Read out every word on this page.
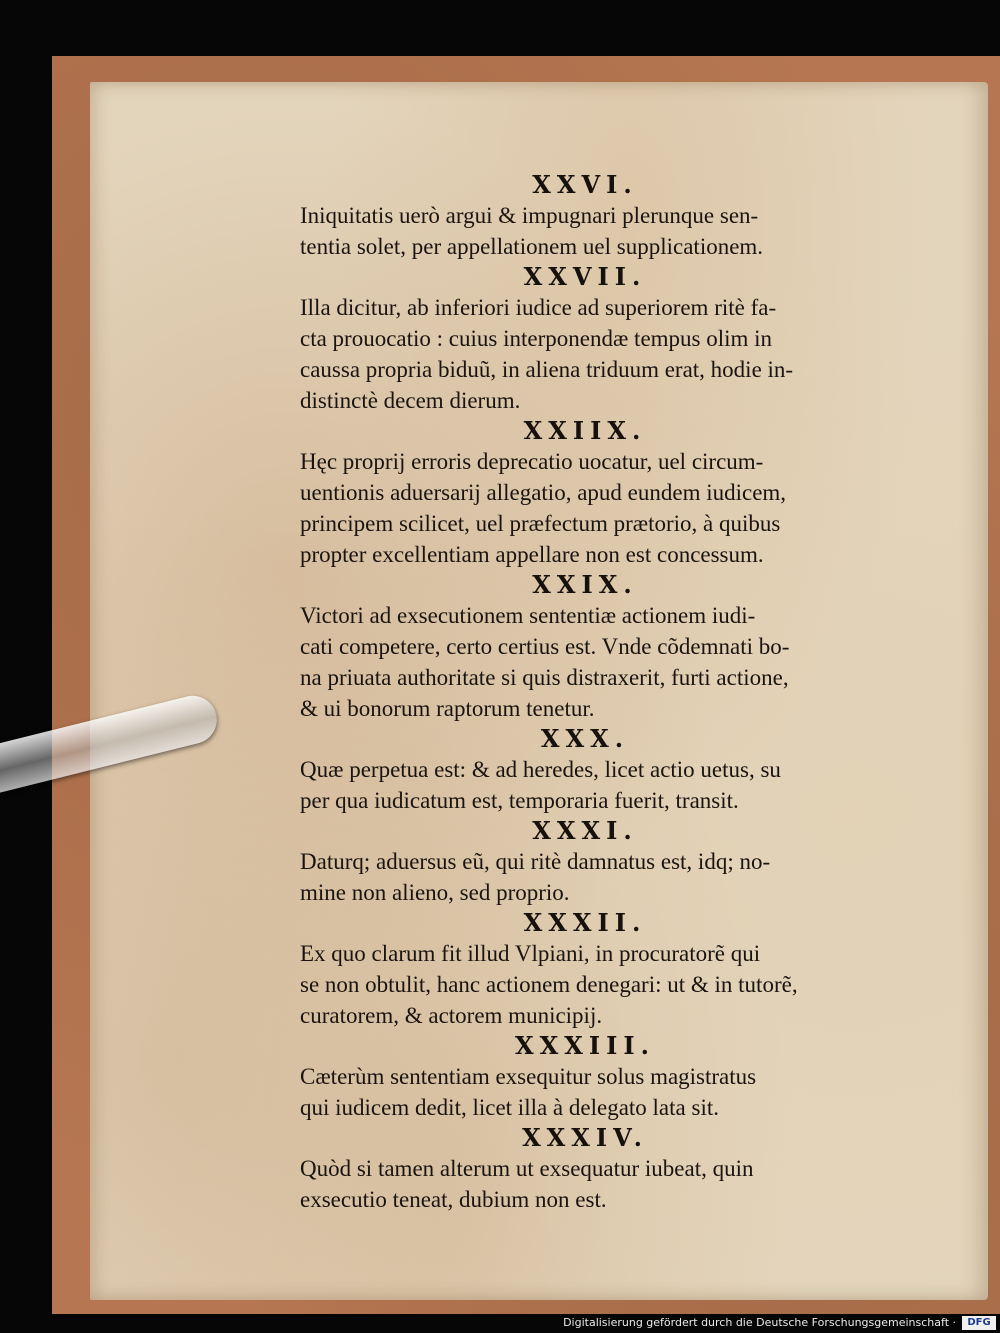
XXVI.
Iniquitatis uerò argui & impugnari plerunque sen-
tentia solet, per appellationem uel supplicationem.
XXVII.
Illa dicitur, ab inferiori iudice ad superiorem ritè fa-
cta prouocatio : cuius interponendæ tempus olim in
caussa propria biduũ, in aliena triduum erat, hodie in-
distinctè decem dierum.
XXIIX.
Hęc proprij erroris deprecatio uocatur, uel circum-
uentionis aduersarij allegatio, apud eundem iudicem,
principem scilicet, uel præfectum prætorio, à quibus
propter excellentiam appellare non est concessum.
XXIX.
Victori ad exsecutionem sententiæ actionem iudi-
cati competere, certo certius est. Vnde cõdemnati bo-
na priuata authoritate si quis distraxerit, furti actione,
& ui bonorum raptorum tenetur.
XXX.
Quæ perpetua est: & ad heredes, licet actio uetus, su
per qua iudicatum est, temporaria fuerit, transit.
XXXI.
Daturq; aduersus eũ, qui ritè damnatus est, idq; no-
mine non alieno, sed proprio.
XXXII.
Ex quo clarum fit illud Vlpiani, in procuratorẽ qui
se non obtulit, hanc actionem denegari: ut & in tutorẽ,
curatorem, & actorem municipij.
XXXIII.
Cæterùm sententiam exsequitur solus magistratus
qui iudicem dedit, licet illa à delegato lata sit.
XXXIV.
Quòd si tamen alterum ut exsequatur iubeat, quin
exsecutio teneat, dubium non est.
Digitalisierung gefördert durch die Deutsche Forschungsgemeinschaft ·	DFG
